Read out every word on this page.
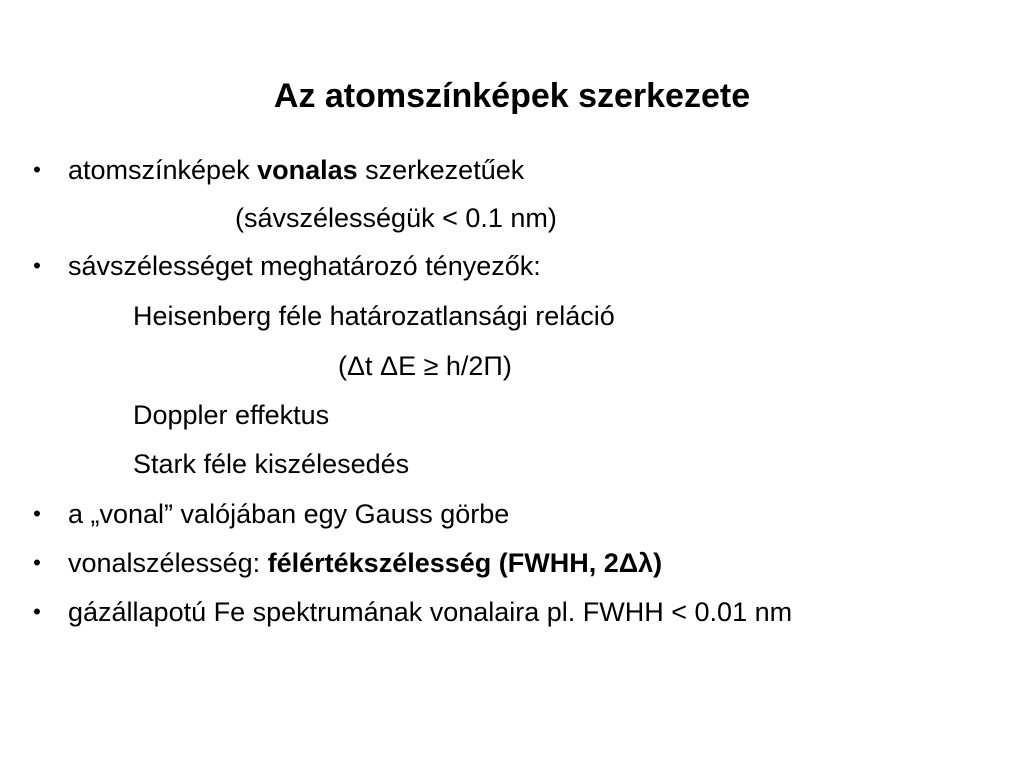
Az atomszínképek szerkezete
• atomszínképek vonalas szerkezetűek
(sávszélességük < 0.1 nm)
• sávszélességet meghatározó tényezők:
Heisenberg féle határozatlansági reláció
(Δt ΔE ≥ h/2Π)
Doppler effektus
Stark féle kiszélesedés
• a „vonal” valójában egy Gauss görbe
• vonalszélesség: félértékszélesség (FWHH, 2Δλ)
• gázállapotú Fe spektrumának vonalaira pl. FWHH < 0.01 nm
